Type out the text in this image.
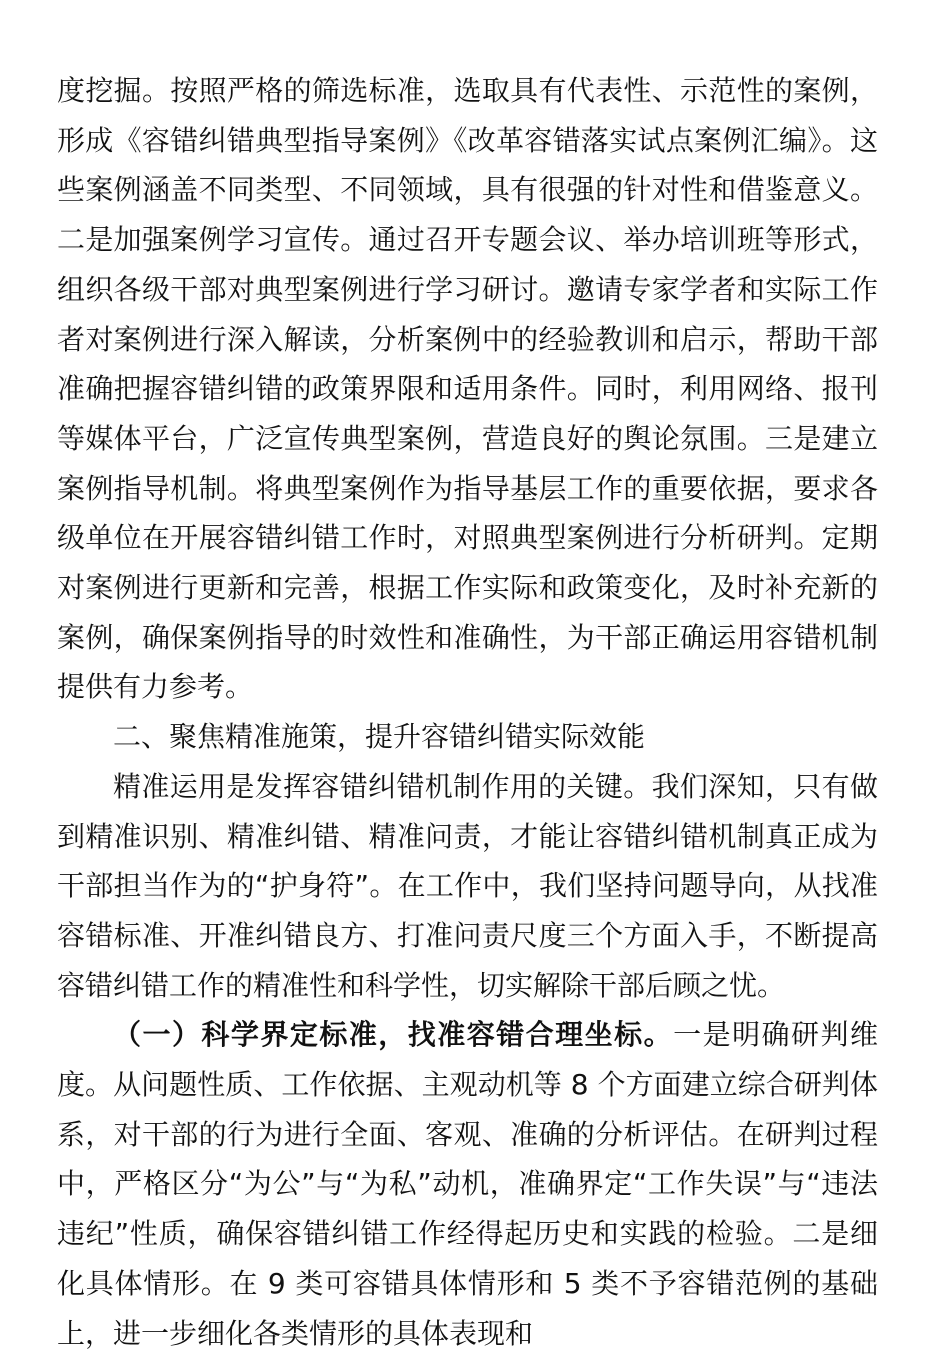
度挖掘。按照严格的筛选标准，选取具有代表性、示范性的案例，形成《容错纠错典型指导案例》《改革容错落实试点案例汇编》。这些案例涵盖不同类型、不同领域，具有很强的针对性和借鉴意义。二是加强案例学习宣传。通过召开专题会议、举办培训班等形式，组织各级干部对典型案例进行学习研讨。邀请专家学者和实际工作者对案例进行深入解读，分析案例中的经验教训和启示，帮助干部准确把握容错纠错的政策界限和适用条件。同时，利用网络、报刊等媒体平台，广泛宣传典型案例，营造良好的舆论氛围。三是建立案例指导机制。将典型案例作为指导基层工作的重要依据，要求各级单位在开展容错纠错工作时，对照典型案例进行分析研判。定期对案例进行更新和完善，根据工作实际和政策变化，及时补充新的案例，确保案例指导的时效性和准确性，为干部正确运用容错机制提供有力参考。

二、聚焦精准施策，提升容错纠错实际效能

精准运用是发挥容错纠错机制作用的关键。我们深知，只有做到精准识别、精准纠错、精准问责，才能让容错纠错机制真正成为干部担当作为的“护身符”。在工作中，我们坚持问题导向，从找准容错标准、开准纠错良方、打准问责尺度三个方面入手，不断提高容错纠错工作的精准性和科学性，切实解除干部后顾之忧。

（一）科学界定标准，找准容错合理坐标。一是明确研判维度。从问题性质、工作依据、主观动机等 8 个方面建立综合研判体系，对干部的行为进行全面、客观、准确的分析评估。在研判过程中，严格区分“为公”与“为私”动机，准确界定“工作失误”与“违法违纪”性质，确保容错纠错工作经得起历史和实践的检验。二是细化具体情形。在 9 类可容错具体情形和 5 类不予容错范例的基础上，进一步细化各类情形的具体表现和
